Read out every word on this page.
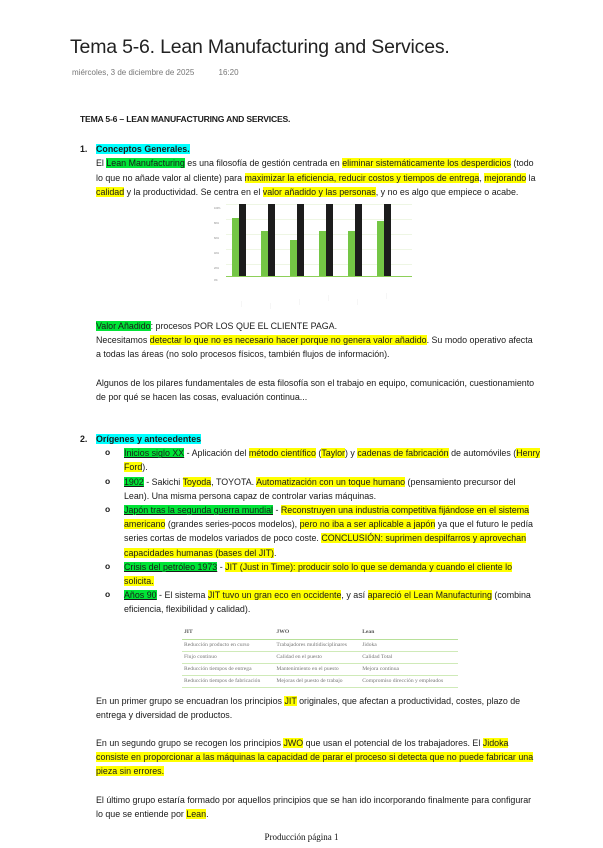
Tema 5-6. Lean Manufacturing and Services.
miércoles, 3 de diciembre de 2025	16:20

TEMA 5-6 – LEAN MANUFACTURING AND SERVICES.

1. Conceptos Generales.

El Lean Manufacturing es una filosofía de gestión centrada en eliminar sistemáticamente los desperdicios (todo lo que no añade valor al cliente) para maximizar la eficiencia, reducir costos y tiempos de entrega, mejorando la calidad y la productividad. Se centra en el valor añadido y las personas, y no es algo que empiece o acabe.

100%
80%
60%
40%
20%
0%
······	······
······
······
······
······

Valor Añadido: procesos POR LOS QUE EL CLIENTE PAGA.

Necesitamos detectar lo que no es necesario hacer porque no genera valor añadido. Su modo operativo afecta a todas las áreas (no solo procesos físicos, también flujos de información).

Algunos de los pilares fundamentales de esta filosofía son el trabajo en equipo, comunicación, cuestionamiento de por qué se hacen las cosas, evaluación continua...

2. Orígenes y antecedentes
o Inicios siglo XX - Aplicación del método científico (Taylor) y cadenas de fabricación de automóviles (Henry Ford).
o 1902 - Sakichi Toyoda, TOYOTA. Automatización con un toque humano (pensamiento precursor del Lean). Una misma persona capaz de controlar varias máquinas.
o Japón tras la segunda guerra mundial - Reconstruyen una industria competitiva fijándose en el sistema americano (grandes series-pocos modelos), pero no iba a ser aplicable a japón ya que el futuro le pedía series cortas de modelos variados de poco coste. CONCLUSIÓN: suprimen despilfarros y aprovechan capacidades humanas (bases del JIT).
o Crisis del petróleo 1973 - JIT (Just in Time): producir solo lo que se demanda y cuando el cliente lo solicita.
o Años 90 - El sistema JIT tuvo un gran eco en occidente, y así apareció el Lean Manufacturing (combina eficiencia, flexibilidad y calidad).
JIT	JWO	Lean
Reducción producto en curso	Trabajadores multidisciplinares	Jidoka
Flujo continuo	Calidad en el puesto	Calidad Total
Reducción tiempos de entrega	Mantenimiento en el puesto	Mejora continua
Reducción tiempos de fabricación	Mejoras del puesto de trabajo	Compromiso dirección y empleados

En un primer grupo se encuadran los principios JIT originales, que afectan a productividad, costes, plazo de entrega y diversidad de productos.

En un segundo grupo se recogen los principios JWO que usan el potencial de los trabajadores. El Jidoka consiste en proporcionar a las máquinas la capacidad de parar el proceso si detecta que no puede fabricar una pieza sin errores.

El último grupo estaría formado por aquellos principios que se han ido incorporando finalmente para configurar lo que se entiende por Lean.

Producción página 1
